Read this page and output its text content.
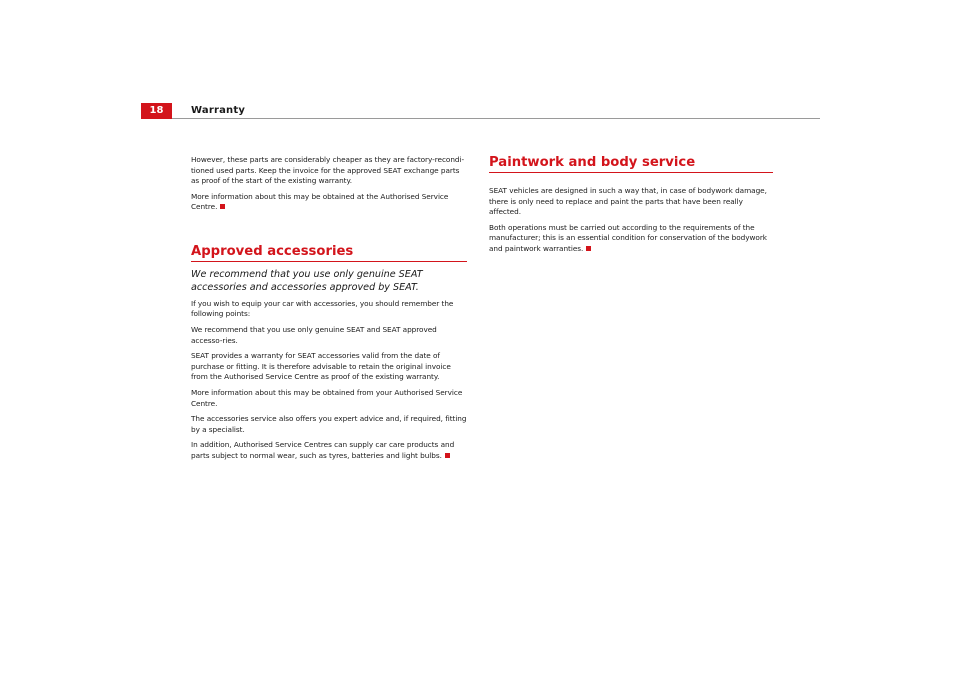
18	Warranty

However, these parts are considerably cheaper as they are factory-recondi-tioned used parts. Keep the invoice for the approved SEAT exchange parts as proof of the start of the existing warranty.

More information about this may be obtained at the Authorised Service Centre.

Approved accessories

We recommend that you use only genuine SEAT accessories and accessories approved by SEAT.

If you wish to equip your car with accessories, you should remember the following points:

We recommend that you use only genuine SEAT and SEAT approved accesso-ries.

SEAT provides a warranty for SEAT accessories valid from the date of purchase or fitting. It is therefore advisable to retain the original invoice from the Authorised Service Centre as proof of the existing warranty.

More information about this may be obtained from your Authorised Service Centre.

The accessories service also offers you expert advice and, if required, fitting by a specialist.

In addition, Authorised Service Centres can supply car care products and parts subject to normal wear, such as tyres, batteries and light bulbs.

Paintwork and body service

SEAT vehicles are designed in such a way that, in case of bodywork damage, there is only need to replace and paint the parts that have been really affected.

Both operations must be carried out according to the requirements of the manufacturer; this is an essential condition for conservation of the bodywork and paintwork warranties.
